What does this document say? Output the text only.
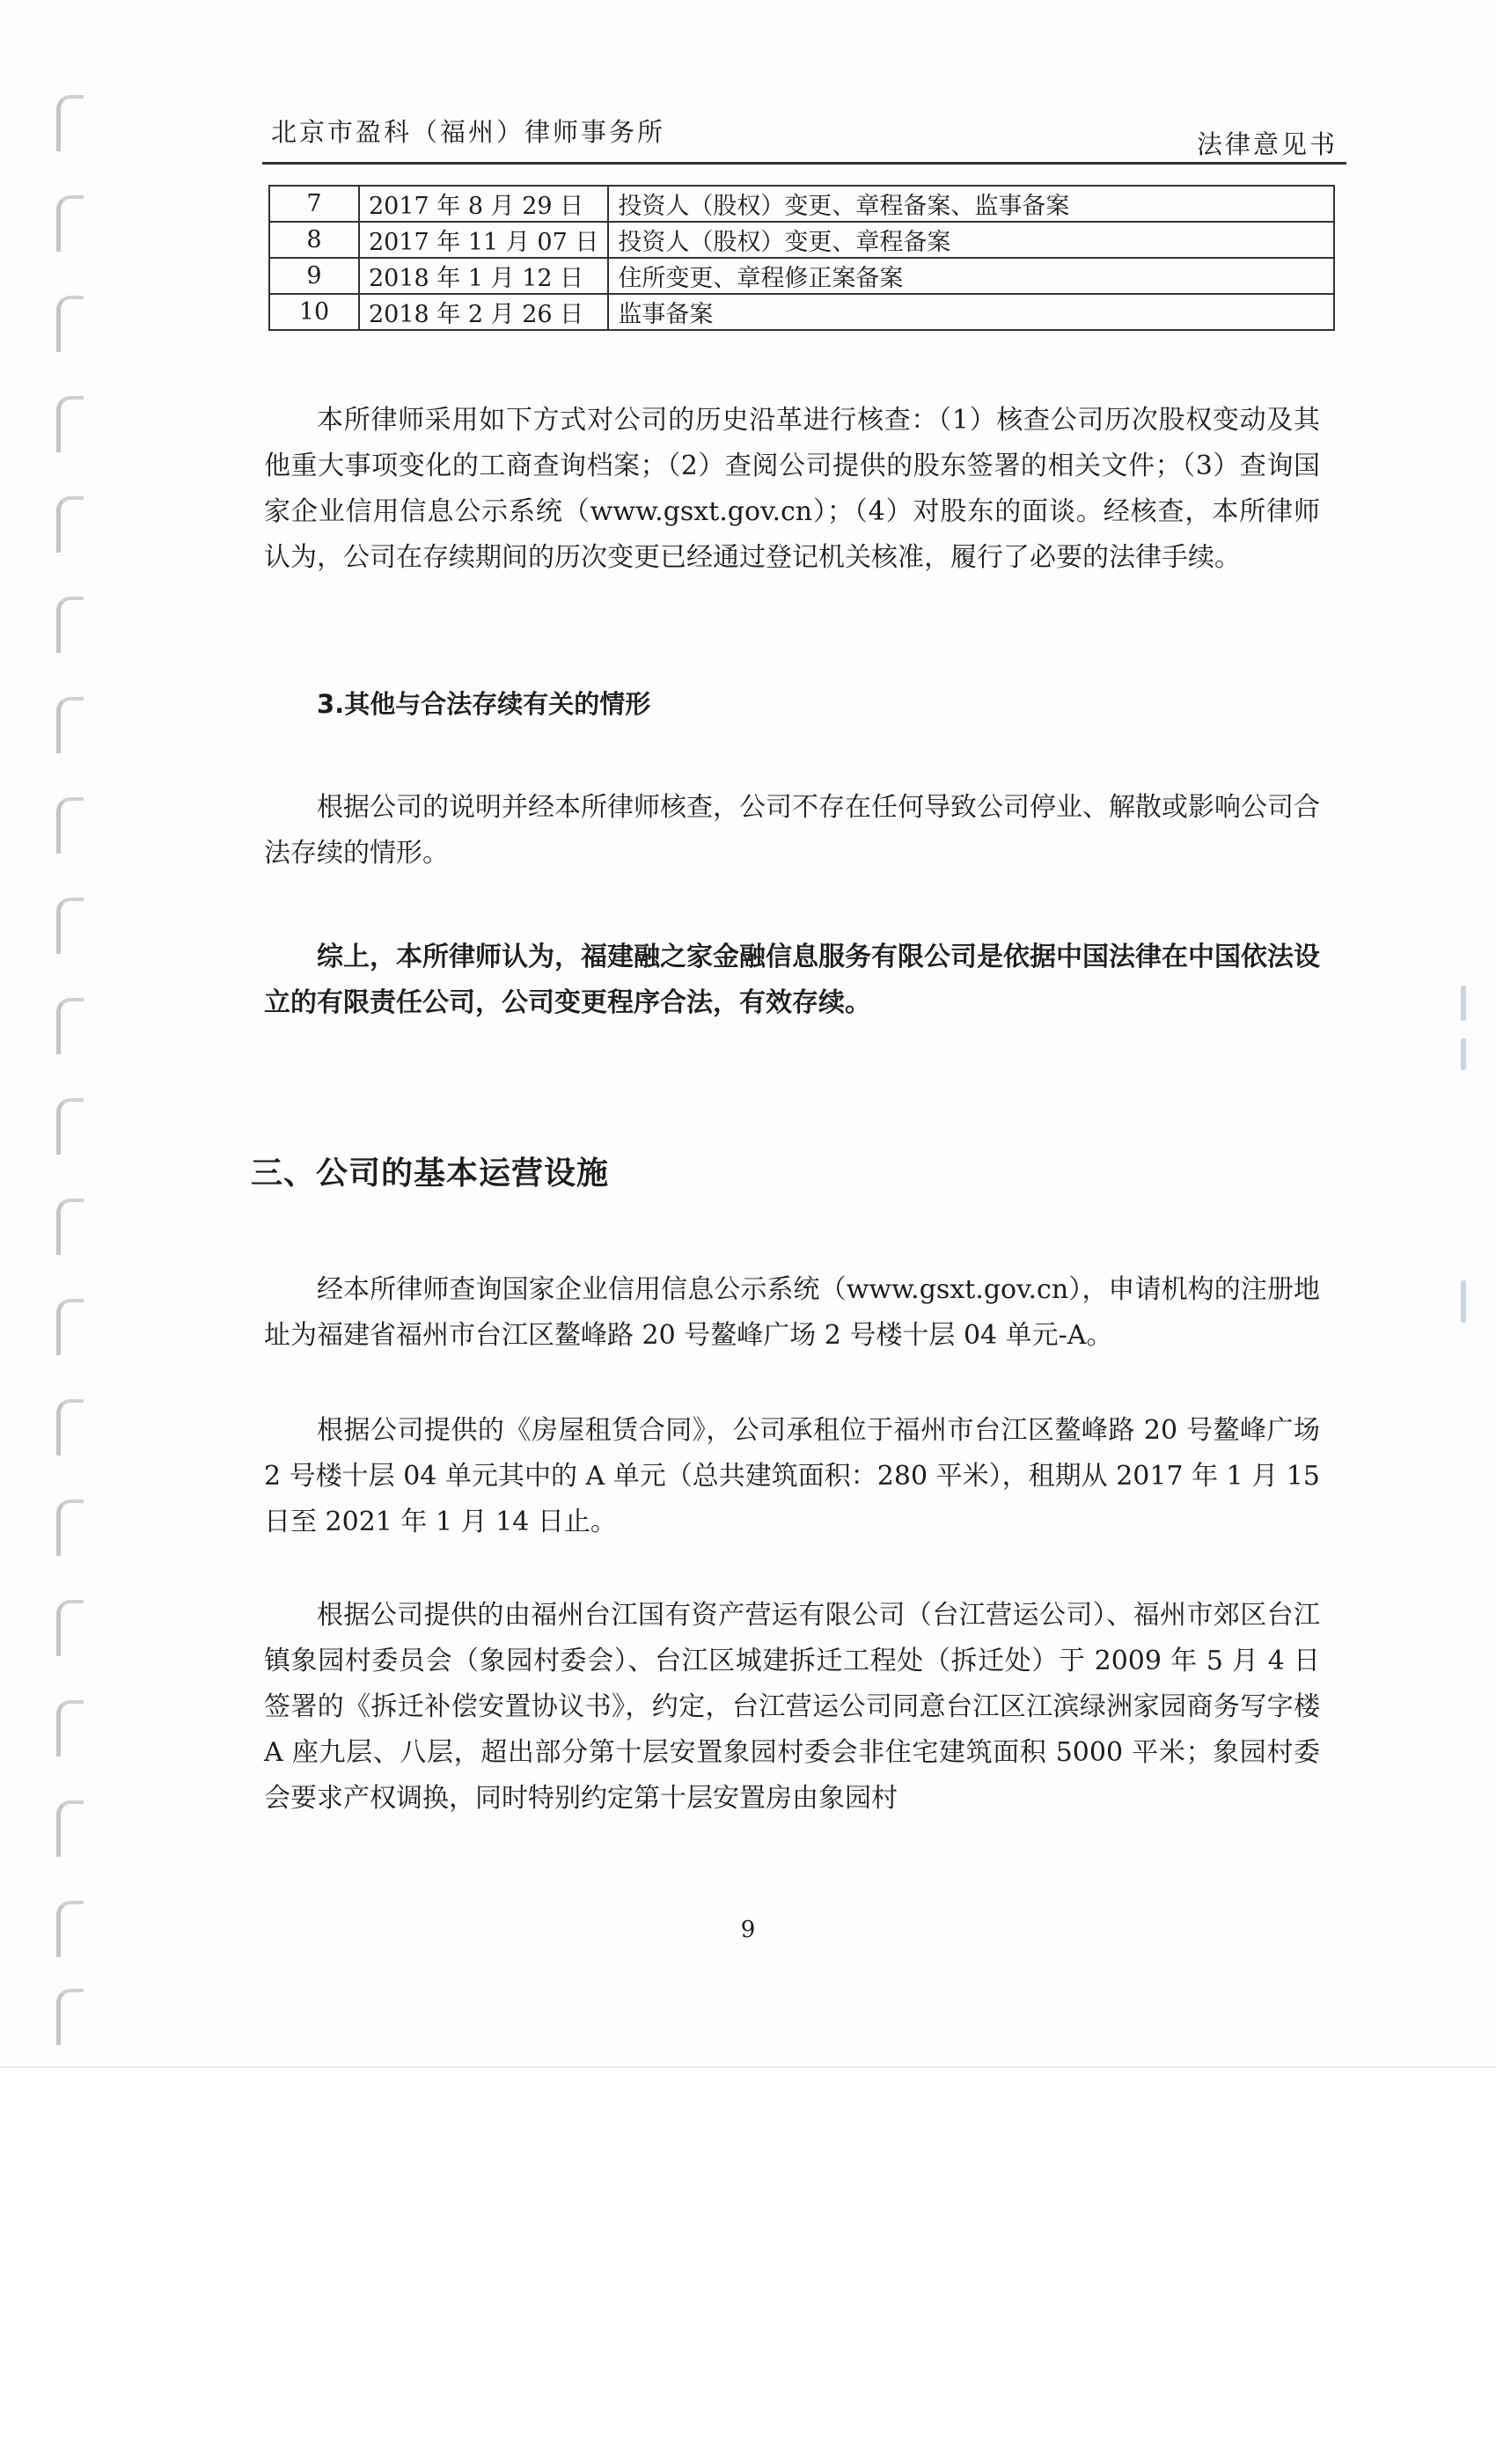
北京市盈科（福州）律师事务所	法律意见书
7	2017 年 8 月 29 日	投资人（股权）变更、章程备案、监事备案
8	2017 年 11 月 07 日	投资人（股权）变更、章程备案
9	2018 年 1 月 12 日	住所变更、章程修正案备案
10	2018 年 2 月 26 日	监事备案

本所律师采用如下方式对公司的历史沿革进行核查：（1）核查公司历次股权变动及其他重大事项变化的工商查询档案；（2）查阅公司提供的股东签署的相关文件；（3）查询国家企业信用信息公示系统（www.gsxt.gov.cn）；（4）对股东的面谈。经核查，本所律师认为，公司在存续期间的历次变更已经通过登记机关核准，履行了必要的法律手续。

3.其他与合法存续有关的情形

根据公司的说明并经本所律师核查，公司不存在任何导致公司停业、解散或影响公司合法存续的情形。

综上，本所律师认为，福建融之家金融信息服务有限公司是依据中国法律在中国依法设立的有限责任公司，公司变更程序合法，有效存续。

三、公司的基本运营设施

经本所律师查询国家企业信用信息公示系统（www.gsxt.gov.cn），申请机构的注册地址为福建省福州市台江区鳌峰路 20 号鳌峰广场 2 号楼十层 04 单元-A。

根据公司提供的《房屋租赁合同》，公司承租位于福州市台江区鳌峰路 20 号鳌峰广场 2 号楼十层 04 单元其中的 A 单元（总共建筑面积：280 平米），租期从 2017 年 1 月 15 日至 2021 年 1 月 14 日止。

根据公司提供的由福州台江国有资产营运有限公司（台江营运公司）、福州市郊区台江镇象园村委员会（象园村委会）、台江区城建拆迁工程处（拆迁处）于 2009 年 5 月 4 日签署的《拆迁补偿安置协议书》，约定，台江营运公司同意台江区江滨绿洲家园商务写字楼 A 座九层、八层，超出部分第十层安置象园村委会非住宅建筑面积 5000 平米；象园村委会要求产权调换，同时特别约定第十层安置房由象园村

9
